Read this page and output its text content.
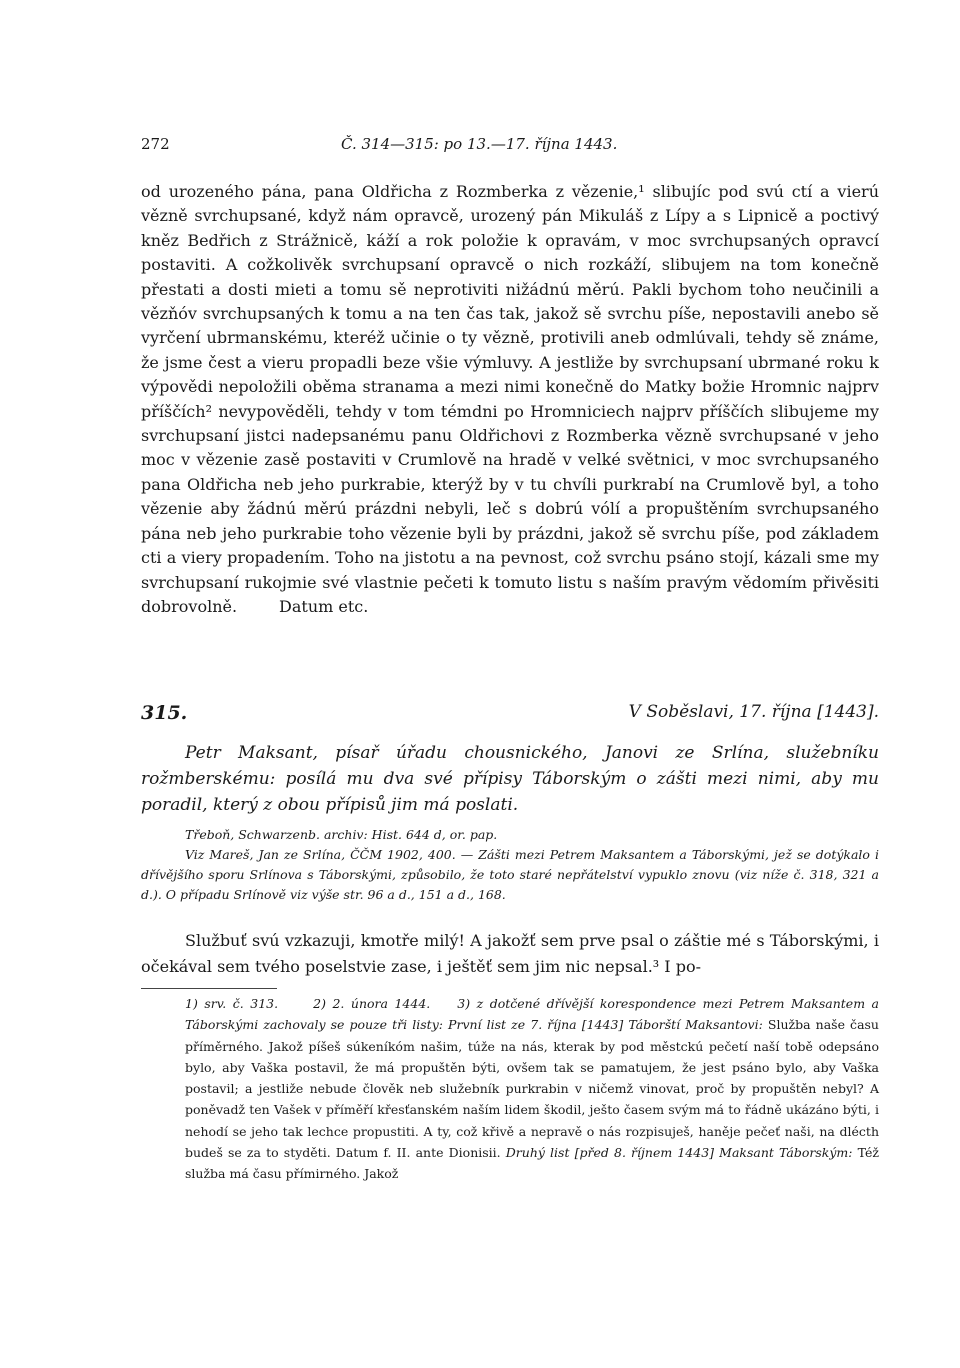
272	Č. 314—315: po 13.—17. října 1443.

od urozeného pána, pana Oldřicha z Rozmberka z vězenie,¹ slibujíc pod svú ctí a vierú vězně svrchupsané, když nám opravcě, urozený pán Mikuláš z Lípy a s Lipnicě a poctivý kněz Bedřich z Strážnicě, káží a rok položie k opravám, v moc svrchupsaných opravcí postaviti. A cožkolivěk svrchupsaní opravcě o nich rozkáží, slibujem na tom konečně přestati a dosti mieti a tomu sě neprotiviti nižádnú měrú. Pakli bychom toho neučinili a vězňóv svrchupsaných k tomu a na ten čas tak, jakož sě svrchu píše, nepostavili anebo sě vyrčení ubrmanskému, kteréž učinie o ty vězně, protivili aneb odmlúvali, tehdy sě známe, že jsme čest a vieru propadli beze všie výmluvy. A jestliže by svrchupsaní ubrmané roku k výpovědi nepoložili oběma stranama a mezi nimi konečně do Matky božie Hromnic najprv příščích² nevypověděli, tehdy v tom témdni po Hromniciech najprv příščích slibujeme my svrchupsaní jistci nadepsanému panu Oldřichovi z Rozmberka vězně svrchupsané v jeho moc v vězenie zasě postaviti v Crumlově na hradě v velké světnici, v moc svrchupsaného pana Oldřicha neb jeho purkrabie, kterýž by v tu chvíli purkrabí na Crumlově byl, a toho vězenie aby žádnú měrú prázdni nebyli, leč s dobrú vólí a propuštěním svrchupsaného pána neb jeho purkrabie toho vězenie byli by prázdni, jakož sě svrchu píše, pod základem cti a viery propadením. Toho na jistotu a na pevnost, což svrchu psáno stojí, kázali sme my svrchupsaní rukojmie své vlastnie pečeti k tomuto listu s naším pravým vědomím přivěsiti dobrovolně.	Datum etc.

315.	V Soběslavi, 17. října [1443].
Petr Maksant, písař úřadu chousnického, Janovi ze Srlína, služebníku rožmberskému: posílá mu dva své přípisy Táborským o zášti mezi nimi, aby mu poradil, který z obou přípisů jim má poslati.
Třeboň, Schwarzenb. archiv: Hist. 644 d, or. pap.
Viz Mareš, Jan ze Srlína, ČČM 1902, 400. — Zášti mezi Petrem Maksantem a Táborskými, jež se dotýkalo i dřívějšího sporu Srlínova s Táborskými, způsobilo, že toto staré nepřátelství vypuklo znovu (viz níže č. 318, 321 a d.). O případu Srlínově viz výše str. 96 a d., 151 a d., 168.
Službuť svú vzkazuji, kmotře milý! A jakožť sem prve psal o záštie mé s Táborskými, i očekával sem tvého poselstvie zase, i ještěť sem jim nic nepsal.³ I po-
1) srv. č. 313.	2) 2. února 1444. 3) z dotčené dřívější korespondence mezi Petrem Maksantem a Táborskými zachovaly se pouze tři listy: První list ze 7. října [1443] Táborští Maksantovi: Služba naše času příměrného. Jakož píšeš súkeníkóm našim, túže na nás, kterak by pod městckú pečetí naší tobě odepsáno bylo, aby Vaška postavil, že má propuštěn býti, ovšem tak se pamatujem, že jest psáno bylo, aby Vaška postavil; a jestliže nebude člověk neb služebník purkrabin v ničemž vinovat, proč by propuštěn nebyl? A poněvadž ten Vašek v příměří křesťanském naším lidem škodil, ješto časem svým má to řádně ukázáno býti, i nehodí se jeho tak lechce propustiti. A ty, což křivě a nepravě o nás rozpisuješ, haněje pečeť naši, na dlécth budeš se za to styděti. Datum f. II. ante Dionisii. Druhý list [před 8. říjnem 1443] Maksant Táborským: Též služba má času přímirného. Jakož
